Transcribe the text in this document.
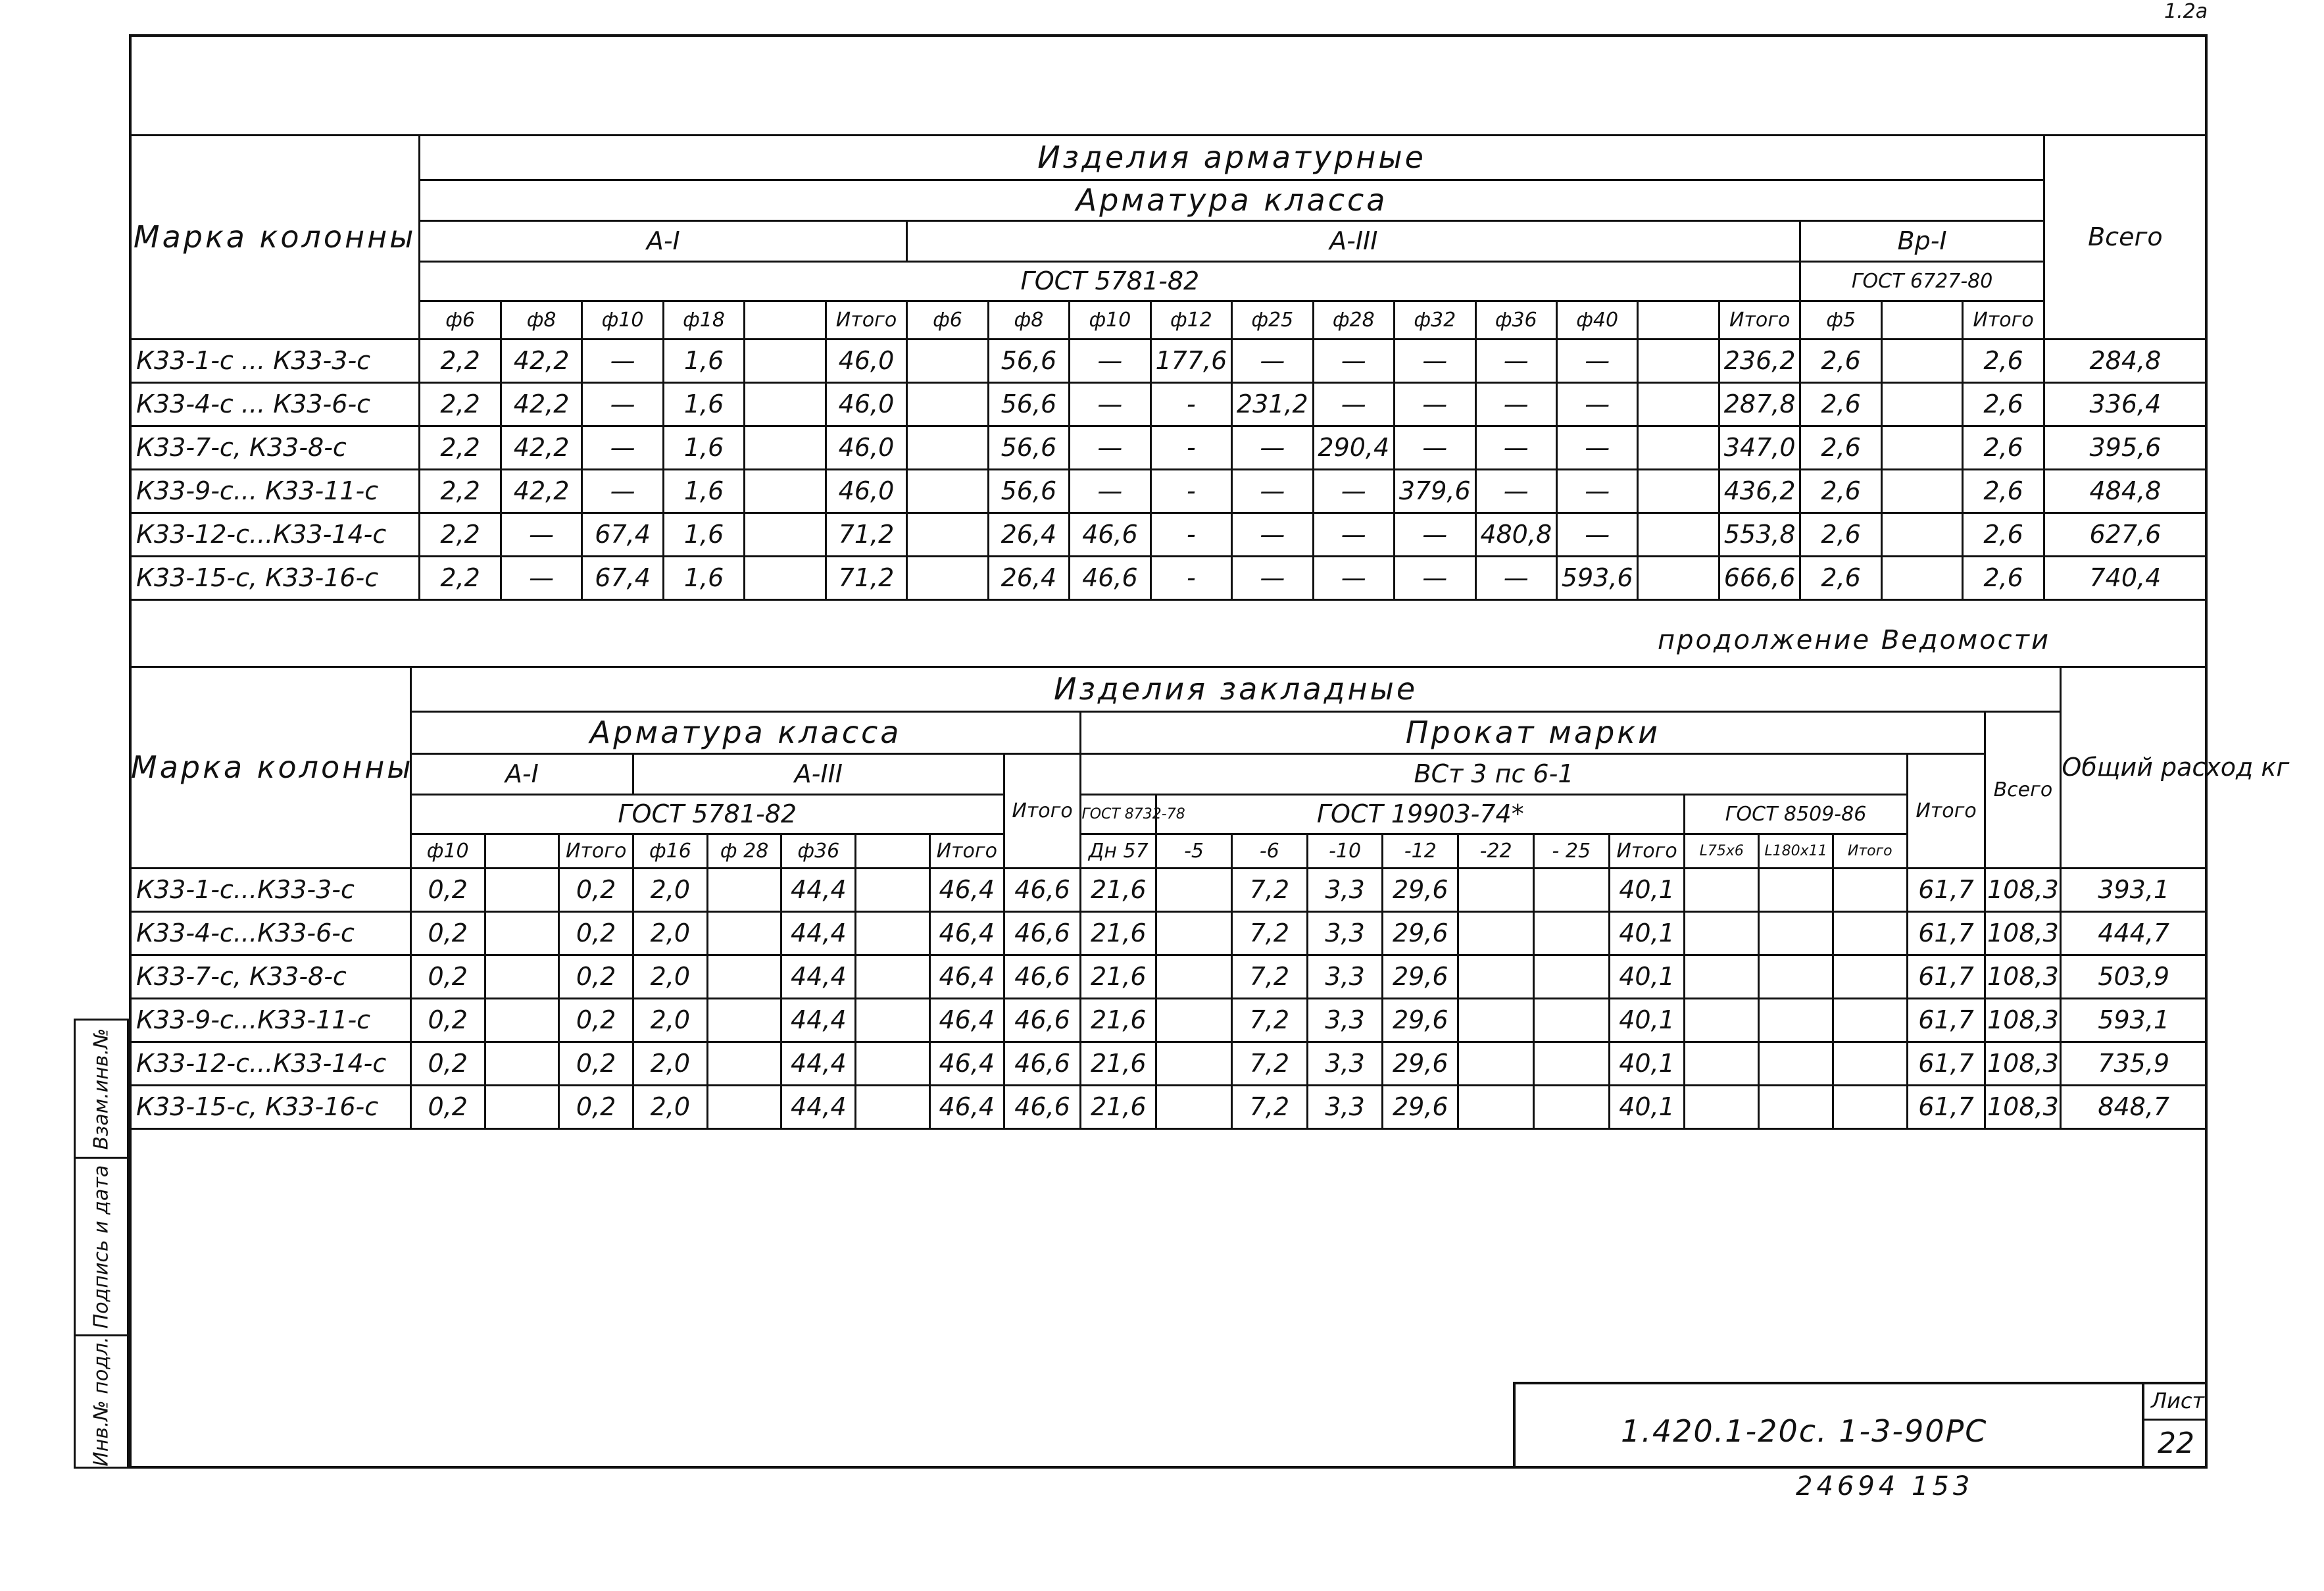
1.2a
Марка колонны	Изделия арматурные																				Всего
	Арматура класса																				
	А-I						А-III											Вр-I			
	ГОСТ 5781-82																	ГОСТ 6727-80			
	ф6	ф8	ф10	ф18		Итого	ф6	ф8	ф10	ф12	ф25	ф28	ф32	ф36	ф40		Итого	ф5		Итого	
К33-1-с ... К33-3-с	2,2	42,2	—	1,6		46,0		56,6	—	177,6	—	—	—	—	—		236,2	2,6		2,6	284,8
К33-4-с ... К33-6-с	2,2	42,2	—	1,6		46,0		56,6	—	-	231,2	—	—	—	—		287,8	2,6		2,6	336,4
К33-7-с, К33-8-с	2,2	42,2	—	1,6		46,0		56,6	—	-	—	290,4	—	—	—		347,0	2,6		2,6	395,6
К33-9-с... К33-11-с	2,2	42,2	—	1,6		46,0		56,6	—	-	—	—	379,6	—	—		436,2	2,6		2,6	484,8
К33-12-с...К33-14-с	2,2	—	67,4	1,6		71,2		26,4	46,6	-	—	—	—	480,8	—		553,8	2,6		2,6	627,6
К33-15-с, К33-16-с	2,2	—	67,4	1,6		71,2		26,4	46,6	-	—	—	—	—	593,6		666,6	2,6		2,6	740,4
продолжение Ведомости
Марка колонны	Изделия закладные																						Общий расход кг
	Арматура класса									Прокат марки												Всего	
	А-I			А-III					Итого	ВСт 3 пс 6-1											Итого		
	ГОСТ 5781-82									ГОСТ 8732-78	ГОСТ 19903-74*							ГОСТ 8509-86					
	ф10		Итого	ф16	ф 28	ф36		Итого		Дн 57	-5	-6	-10	-12	-22	- 25	Итого	L75х6	L180х11	Итого			
К33-1-с...К33-3-с	0,2		0,2	2,0		44,4		46,4	46,6	21,6		7,2	3,3	29,6			40,1				61,7	108,3	393,1
К33-4-с...К33-6-с	0,2		0,2	2,0		44,4		46,4	46,6	21,6		7,2	3,3	29,6			40,1				61,7	108,3	444,7
К33-7-с, К33-8-с	0,2		0,2	2,0		44,4		46,4	46,6	21,6		7,2	3,3	29,6			40,1				61,7	108,3	503,9
К33-9-с...К33-11-с	0,2		0,2	2,0		44,4		46,4	46,6	21,6		7,2	3,3	29,6			40,1				61,7	108,3	593,1
К33-12-с...К33-14-с	0,2		0,2	2,0		44,4		46,4	46,6	21,6		7,2	3,3	29,6			40,1				61,7	108,3	735,9
К33-15-с, К33-16-с	0,2		0,2	2,0		44,4		46,4	46,6	21,6		7,2	3,3	29,6			40,1				61,7	108,3	848,7
1.420.1-20с. 1-3-90РС
Лист
22
24694 153
Взам.инв.№
Подпись и дата
Инв.№ подл.
